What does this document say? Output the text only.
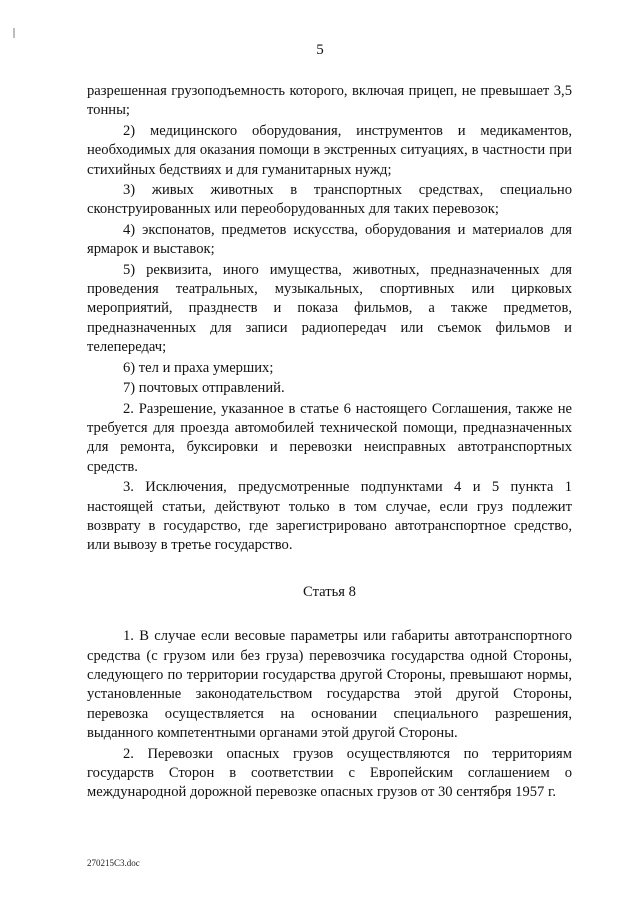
5

разрешенная грузоподъемность которого, включая прицеп, не превышает 3,5 тонны;

2) медицинского оборудования, инструментов и медикаментов, необходимых для оказания помощи в экстренных ситуациях, в частности при стихийных бедствиях и для гуманитарных нужд;

3) живых животных в транспортных средствах, специально сконструированных или переоборудованных для таких перевозок;

4) экспонатов, предметов искусства, оборудования и материалов для ярмарок и выставок;

5) реквизита, иного имущества, животных, предназначенных для проведения театральных, музыкальных, спортивных или цирковых мероприятий, празднеств и показа фильмов, а также предметов, предназначенных для записи радиопередач или съемок фильмов и телепередач;

6) тел и праха умерших;

7) почтовых отправлений.

2. Разрешение, указанное в статье 6 настоящего Соглашения, также не требуется для проезда автомобилей технической помощи, предназначенных для ремонта, буксировки и перевозки неисправных автотранспортных средств.

3. Исключения, предусмотренные подпунктами 4 и 5 пункта 1 настоящей статьи, действуют только в том случае, если груз подлежит возврату в государство, где зарегистрировано автотранспортное средство, или вывозу в третье государство.

Статья 8

1. В случае если весовые параметры или габариты автотранспортного средства (с грузом или без груза) перевозчика государства одной Стороны, следующего по территории государства другой Стороны, превышают нормы, установленные законодательством государства этой другой Стороны, перевозка осуществляется на основании специального разрешения, выданного компетентными органами этой другой Стороны.

2. Перевозки опасных грузов осуществляются по территориям государств Сторон в соответствии с Европейским соглашением о международной дорожной перевозке опасных грузов от 30 сентября 1957 г.

270215C3.doc
